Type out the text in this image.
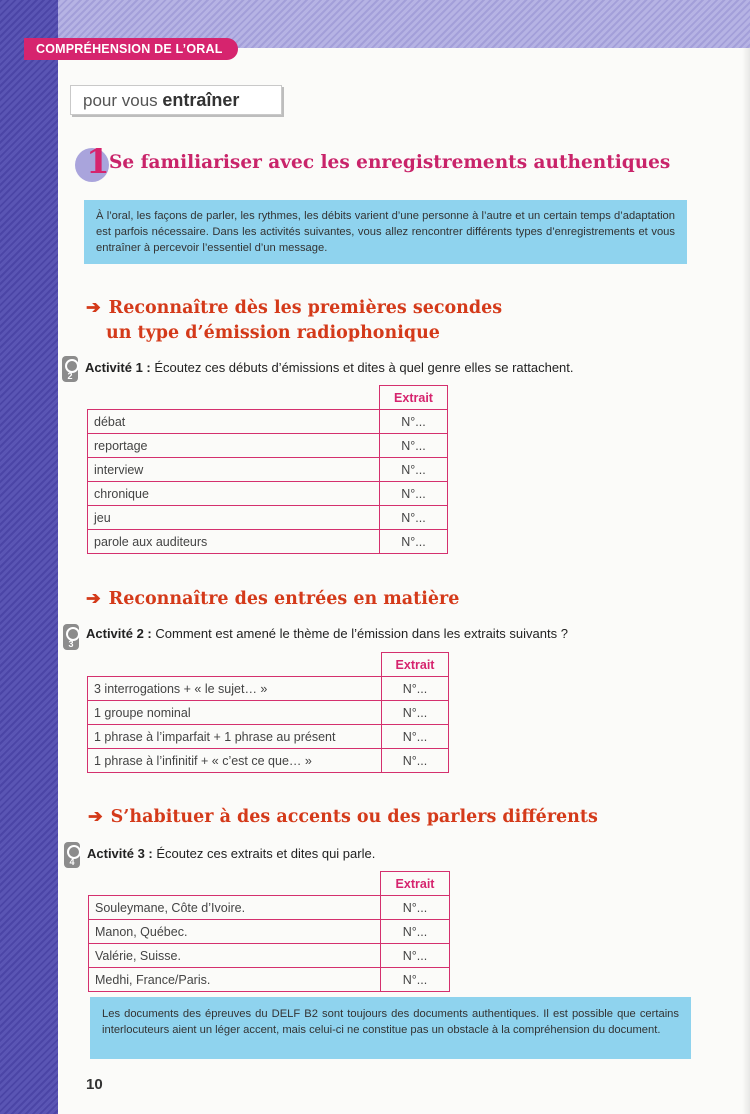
COMPRÉHENSION DE L’ORAL
pour vous entraîner
1 Se familiariser avec les enregistrements authentiques
À l’oral, les façons de parler, les rythmes, les débits varient d’une personne à l’autre et un certain temps d’adaptation est parfois nécessaire. Dans les activités suivantes, vous allez rencontrer différents types d’enregistrements et vous entraîner à percevoir l’essentiel d’un message.
➔ Reconnaître dès les premières secondes
un type d’émission radiophonique
2
Activité 1 : Écoutez ces débuts d’émissions et dites à quel genre elles se rattachent.
	Extrait
débat	N°...
reportage	N°...
interview	N°...
chronique	N°...
jeu	N°...
parole aux auditeurs	N°...
➔ Reconnaître des entrées en matière
3
Activité 2 : Comment est amené le thème de l’émission dans les extraits suivants ?
	Extrait
3 interrogations + « le sujet… »	N°...
1 groupe nominal	N°...
1 phrase à l’imparfait + 1 phrase au présent	N°...
1 phrase à l’infinitif + « c’est ce que… »	N°...
➔ S’habituer à des accents ou des parlers différents
4
Activité 3 : Écoutez ces extraits et dites qui parle.
	Extrait
Souleymane, Côte d’Ivoire.	N°...
Manon, Québec.	N°...
Valérie, Suisse.	N°...
Medhi, France/Paris.	N°...
Les documents des épreuves du DELF B2 sont toujours des documents authentiques. Il est possible que certains interlocuteurs aient un léger accent, mais celui-ci ne constitue pas un obstacle à la compréhension du document.
10
